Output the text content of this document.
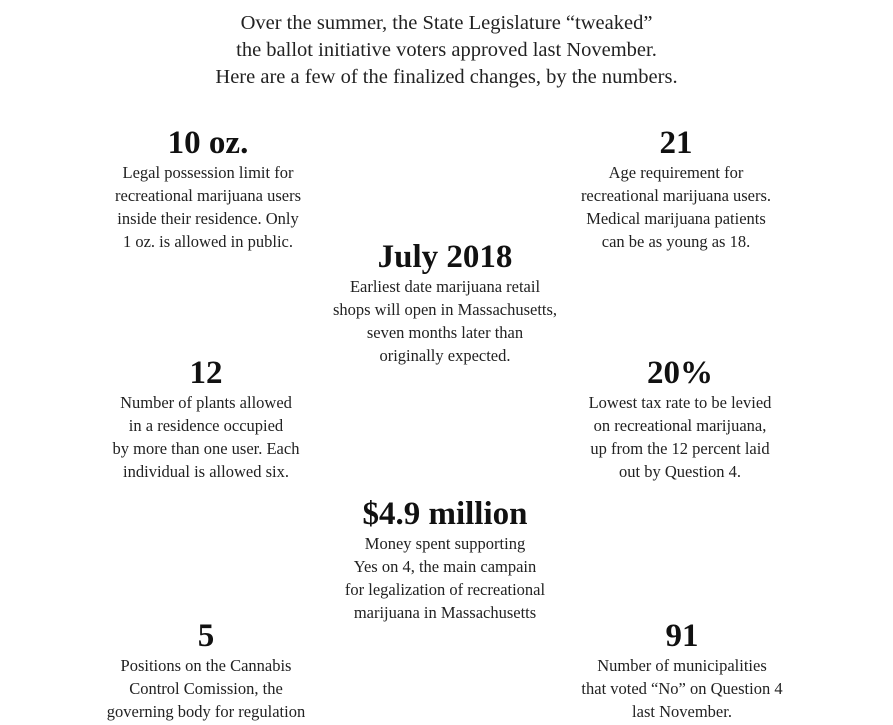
Over the summer, the State Legislature “tweaked”
the ballot initiative voters approved last November.
Here are a few of the finalized changes, by the numbers.
10 oz.
Legal possession limit for
recreational marijuana users
inside their residence. Only
1 oz. is allowed in public.
21
Age requirement for
recreational marijuana users.
Medical marijuana patients
can be as young as 18.
July 2018
Earliest date marijuana retail
shops will open in Massachusetts,
seven months later than
originally expected.
12
Number of plants allowed
in a residence occupied
by more than one user. Each
individual is allowed six.
20%
Lowest tax rate to be levied
on recreational marijuana,
up from the 12 percent laid
out by Question 4.
$4.9 million
Money spent supporting
Yes on 4, the main campain
for legalization of recreational
marijuana in Massachusetts
5
Positions on the Cannabis
Control Comission, the
governing body for regulation
91
Number of municipalities
that voted “No” on Question 4
last November.
